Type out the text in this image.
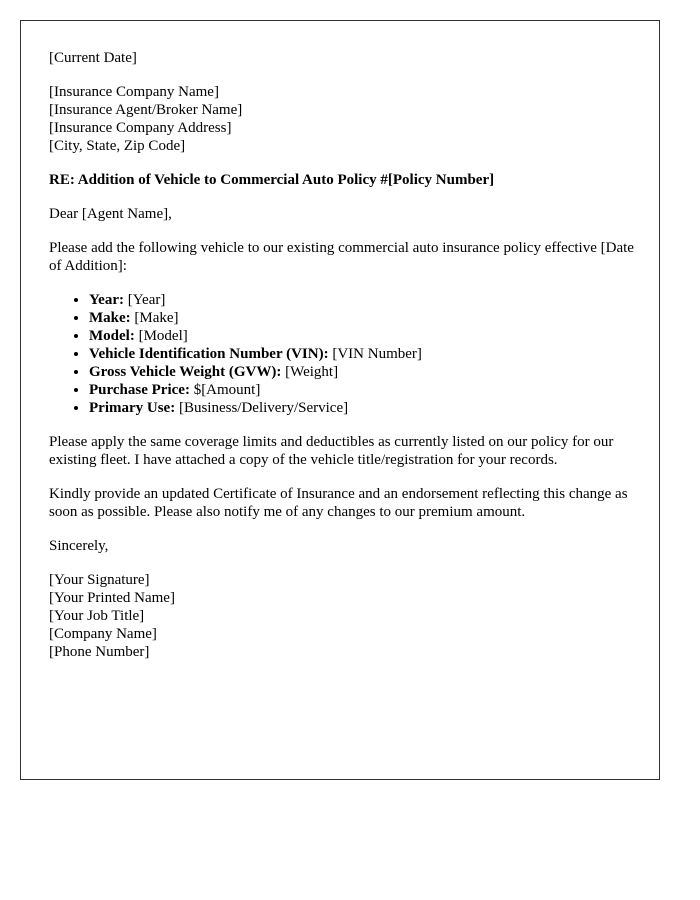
[Current Date]
[Insurance Company Name]
[Insurance Agent/Broker Name]
[Insurance Company Address]
[City, State, Zip Code]
RE: Addition of Vehicle to Commercial Auto Policy #[Policy Number]
Dear [Agent Name],
Please add the following vehicle to our existing commercial auto insurance policy effective [Date of Addition]:
• Year: [Year]
• Make: [Make]
• Model: [Model]
• Vehicle Identification Number (VIN): [VIN Number]
• Gross Vehicle Weight (GVW): [Weight]
• Purchase Price: $[Amount]
• Primary Use: [Business/Delivery/Service]
Please apply the same coverage limits and deductibles as currently listed on our policy for our existing fleet. I have attached a copy of the vehicle title/registration for your records.
Kindly provide an updated Certificate of Insurance and an endorsement reflecting this change as soon as possible. Please also notify me of any changes to our premium amount.
Sincerely,
[Your Signature]
[Your Printed Name]
[Your Job Title]
[Company Name]
[Phone Number]
